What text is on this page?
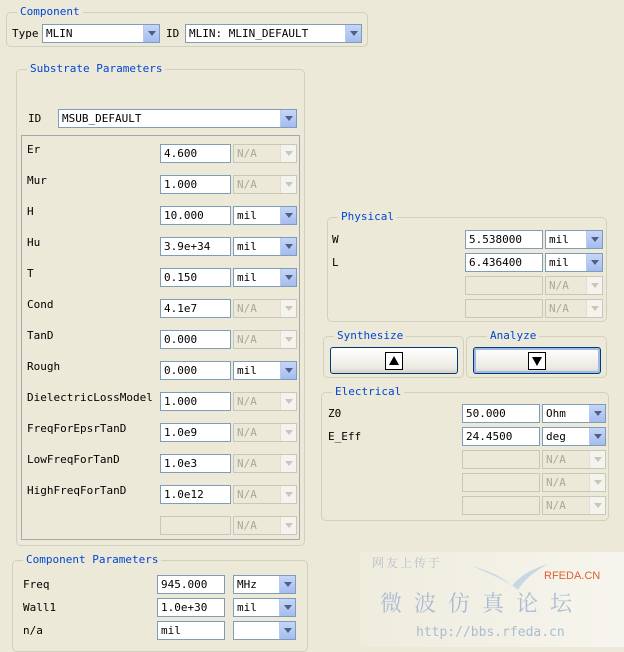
Component
Type MLIN	ID MLIN: MLIN_DEFAULT
Substrate Parameters
ID MSUB_DEFAULT
Er	4.600	N/A
Mur	1.000	N/A
H	10.000	mil
Hu	3.9e+34 mil
T	0.150	mil
Cond	4.1e7	N/A
TanD	0.000	N/A
Rough	0.000	mil
DielectricLossModel 1.000	N/A
FreqForEpsrTanD	1.0e9	N/A
LowFreqForTanD	1.0e3	N/A
HighFreqForTanD	1.0e12	N/A
N/A
Physical
W	5.538000 mil
L	6.436400 mil
N/A
N/A
Synthesize	Analyze
Electrical
Z0	50.000	Ohm
E_Eff	24.4500	deg
N/A
N/A
N/A
Component Parameters
Freq	945.000	MHz
Wall1	1.0e+30	mil
n/a	mil
网友上传于
RFEDA.CN
微波仿真论坛
http://bbs.rfeda.cn
